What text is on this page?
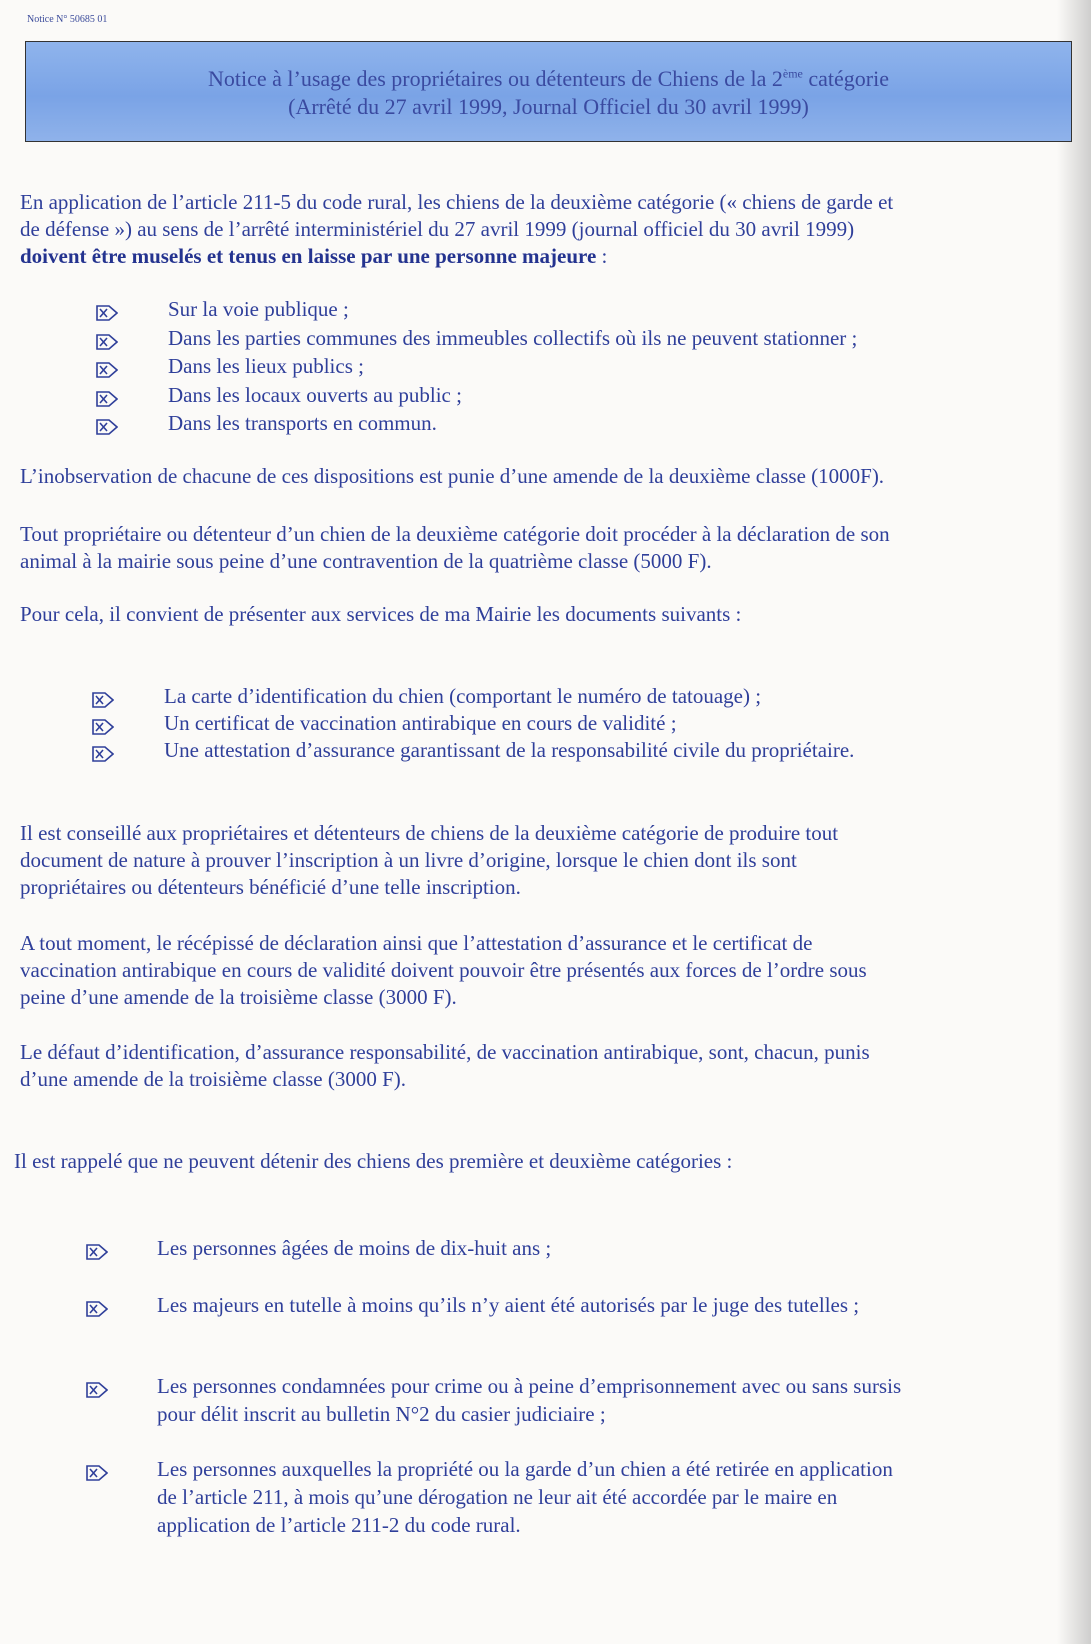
Notice N° 50685 01
Notice à l’usage des propriétaires ou détenteurs de Chiens de la 2ème catégorie
(Arrêté du 27 avril 1999, Journal Officiel du 30 avril 1999)
En application de l’article 211-5 du code rural, les chiens de la deuxième catégorie (« chiens de garde et
de défense ») au sens de l’arrêté interministériel du 27 avril 1999 (journal officiel du 30 avril 1999)
doivent être muselés et tenus en laisse par une personne majeure :
Sur la voie publique ;
Dans les parties communes des immeubles collectifs où ils ne peuvent stationner ;
Dans les lieux publics ;
Dans les locaux ouverts au public ;
Dans les transports en commun.
L’inobservation de chacune de ces dispositions est punie d’une amende de la deuxième classe (1000F).
Tout propriétaire ou détenteur d’un chien de la deuxième catégorie doit procéder à la déclaration de son
animal à la mairie sous peine d’une contravention de la quatrième classe (5000 F).
Pour cela, il convient de présenter aux services de ma Mairie les documents suivants :
La carte d’identification du chien (comportant le numéro de tatouage) ;
Un certificat de vaccination antirabique en cours de validité ;
Une attestation d’assurance garantissant de la responsabilité civile du propriétaire.
Il est conseillé aux propriétaires et détenteurs de chiens de la deuxième catégorie de produire tout
document de nature à prouver l’inscription à un livre d’origine, lorsque le chien dont ils sont
propriétaires ou détenteurs bénéficié d’une telle inscription.
A tout moment, le récépissé de déclaration ainsi que l’attestation d’assurance et le certificat de
vaccination antirabique en cours de validité doivent pouvoir être présentés aux forces de l’ordre sous
peine d’une amende de la troisième classe (3000 F).
Le défaut d’identification, d’assurance responsabilité, de vaccination antirabique, sont, chacun, punis
d’une amende de la troisième classe (3000 F).
Il est rappelé que ne peuvent détenir des chiens des première et deuxième catégories :
Les personnes âgées de moins de dix-huit ans ;
Les majeurs en tutelle à moins qu’ils n’y aient été autorisés par le juge des tutelles ;
Les personnes condamnées pour crime ou à peine d’emprisonnement avec ou sans sursis
pour délit inscrit au bulletin N°2 du casier judiciaire ;
Les personnes auxquelles la propriété ou la garde d’un chien a été retirée en application
de l’article 211, à mois qu’une dérogation ne leur ait été accordée par le maire en
application de l’article 211-2 du code rural.
